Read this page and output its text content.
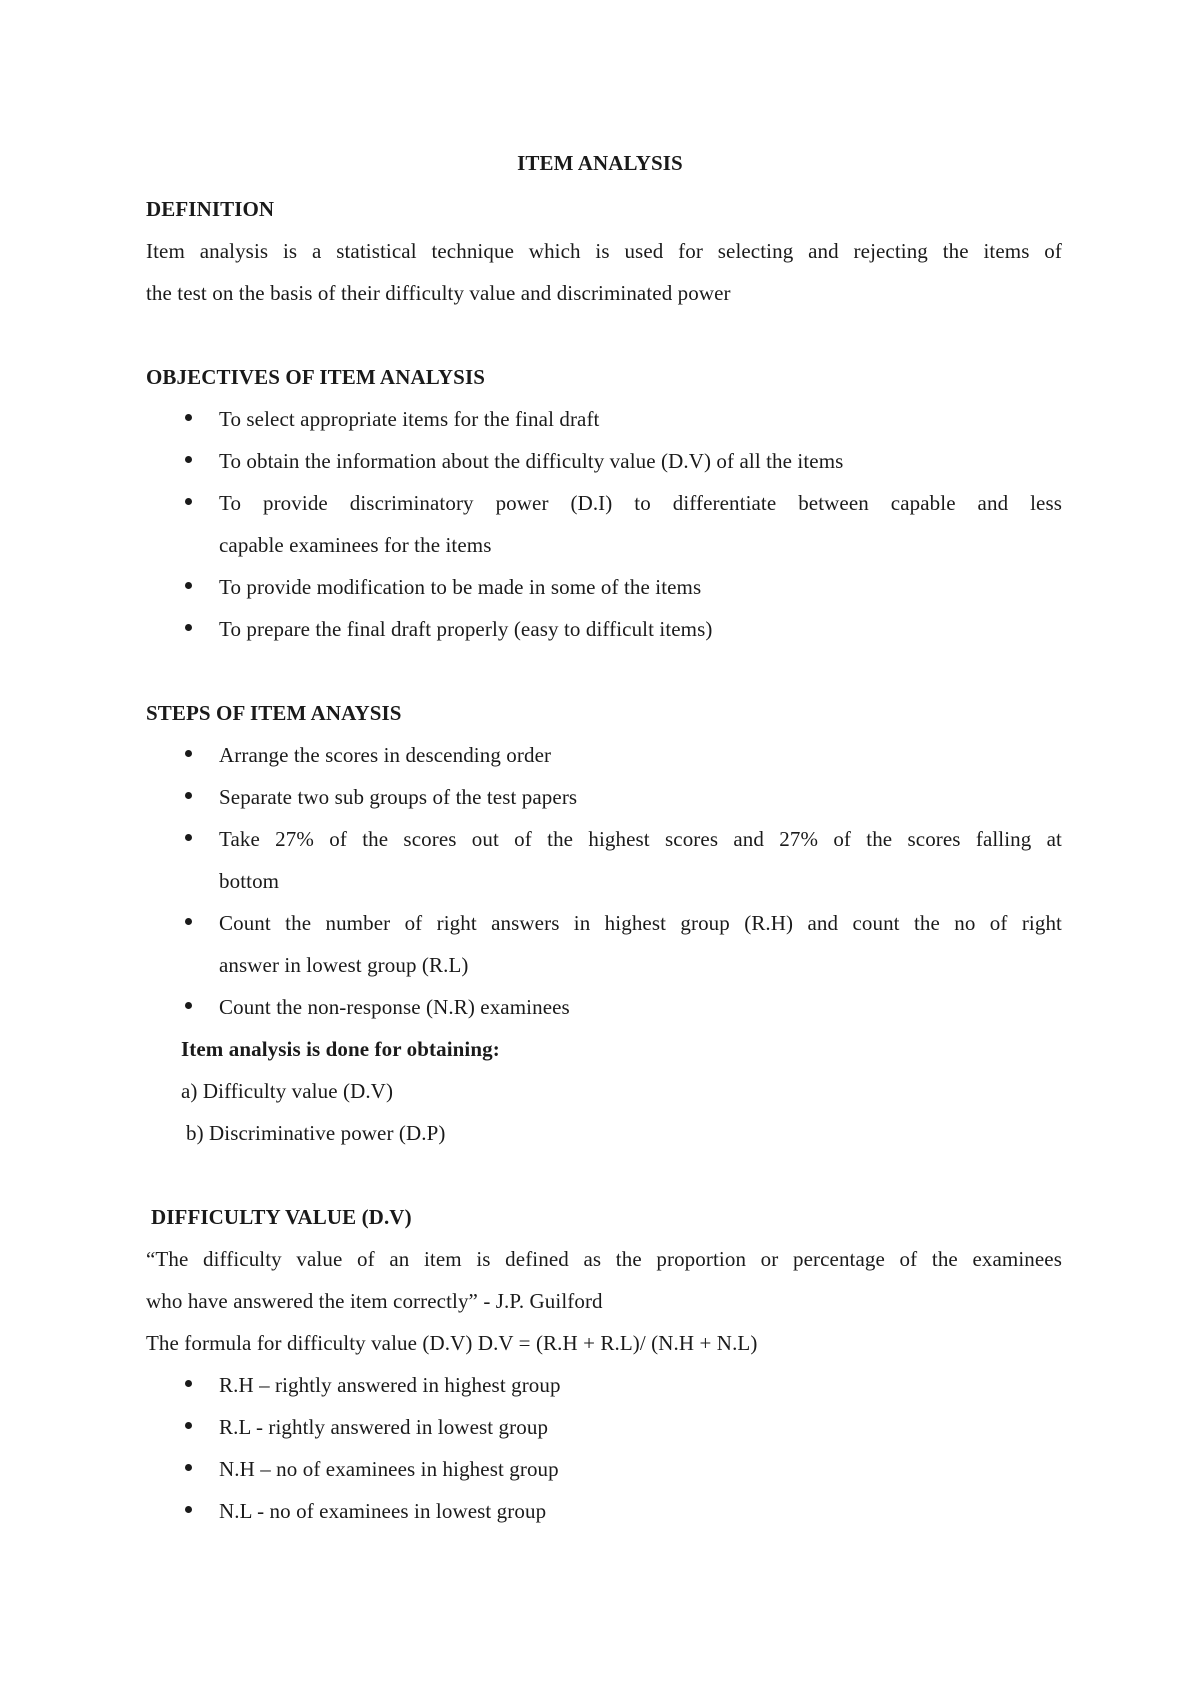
ITEM ANALYSIS
DEFINITION
Item analysis is a statistical technique which is used for selecting and rejecting the items of
the test on the basis of their difficulty value and discriminated power
OBJECTIVES OF ITEM ANALYSIS
To select appropriate items for the final draft
To obtain the information about the difficulty value (D.V) of all the items
To provide discriminatory power (D.I) to differentiate between capable and less
capable examinees for the items
To provide modification to be made in some of the items
To prepare the final draft properly (easy to difficult items)
STEPS OF ITEM ANAYSIS
Arrange the scores in descending order
Separate two sub groups of the test papers
Take 27% of the scores out of the highest scores and 27% of the scores falling at
bottom
Count the number of right answers in highest group (R.H) and count the no of right
answer in lowest group (R.L)
Count the non-response (N.R) examinees
Item analysis is done for obtaining:
a) Difficulty value (D.V)
b) Discriminative power (D.P)
DIFFICULTY VALUE (D.V)
“The difficulty value of an item is defined as the proportion or percentage of the examinees
who have answered the item correctly” - J.P. Guilford
The formula for difficulty value (D.V) D.V = (R.H + R.L)/ (N.H + N.L)
R.H – rightly answered in highest group
R.L - rightly answered in lowest group
N.H – no of examinees in highest group
N.L - no of examinees in lowest group
